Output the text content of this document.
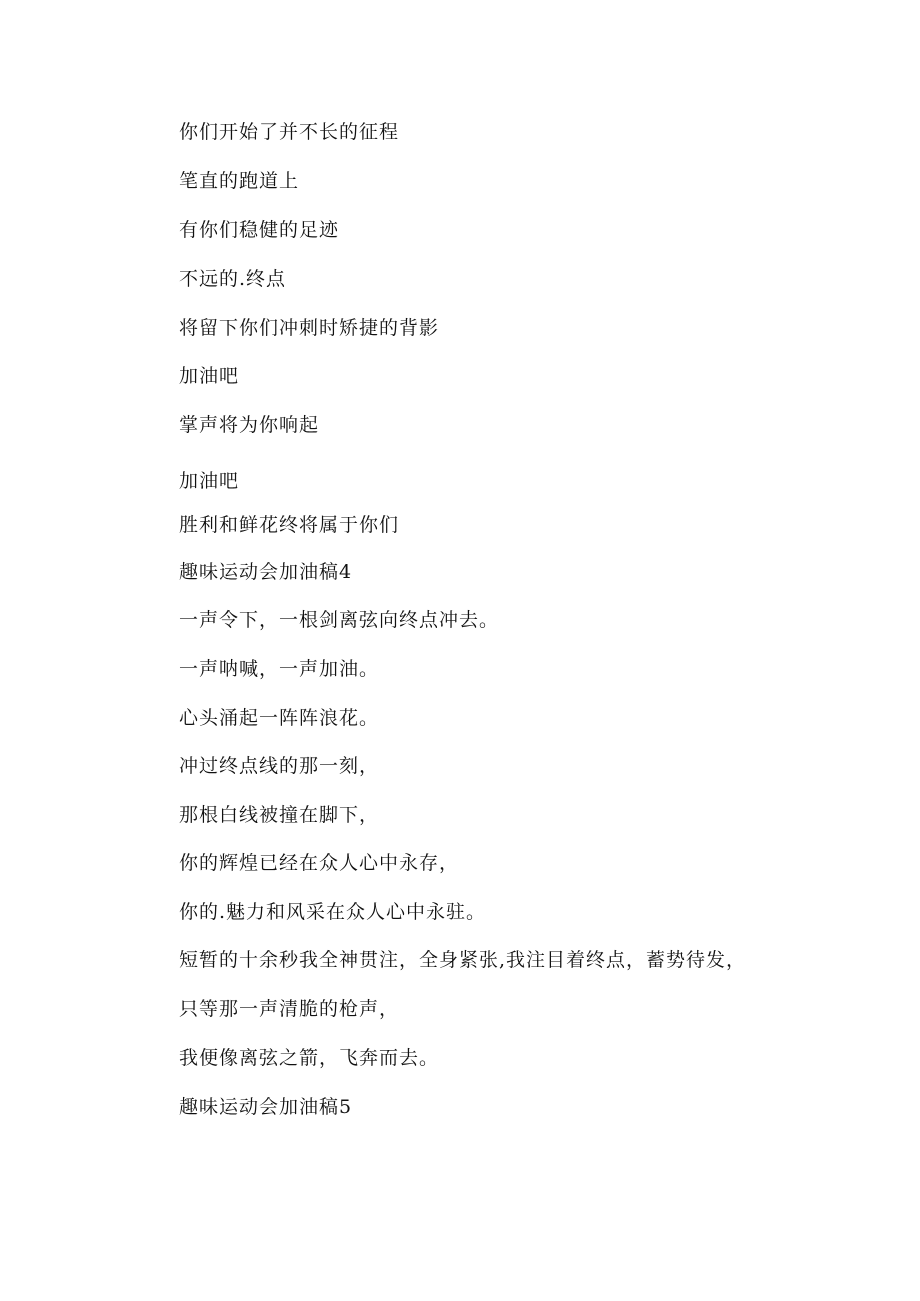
你们开始了并不长的征程

笔直的跑道上

有你们稳健的足迹

不远的.终点

将留下你们冲刺时矫捷的背影

加油吧

掌声将为你响起

加油吧

胜利和鲜花终将属于你们

趣味运动会加油稿4

一声令下，一根剑离弦向终点冲去。

一声呐喊，一声加油。

心头涌起一阵阵浪花。

冲过终点线的那一刻，

那根白线被撞在脚下，

你的辉煌已经在众人心中永存，

你的.魅力和风采在众人心中永驻。

短暂的十余秒我全神贯注，全身紧张,我注目着终点，蓄势待发，

只等那一声清脆的枪声，

我便像离弦之箭，飞奔而去。

趣味运动会加油稿5
